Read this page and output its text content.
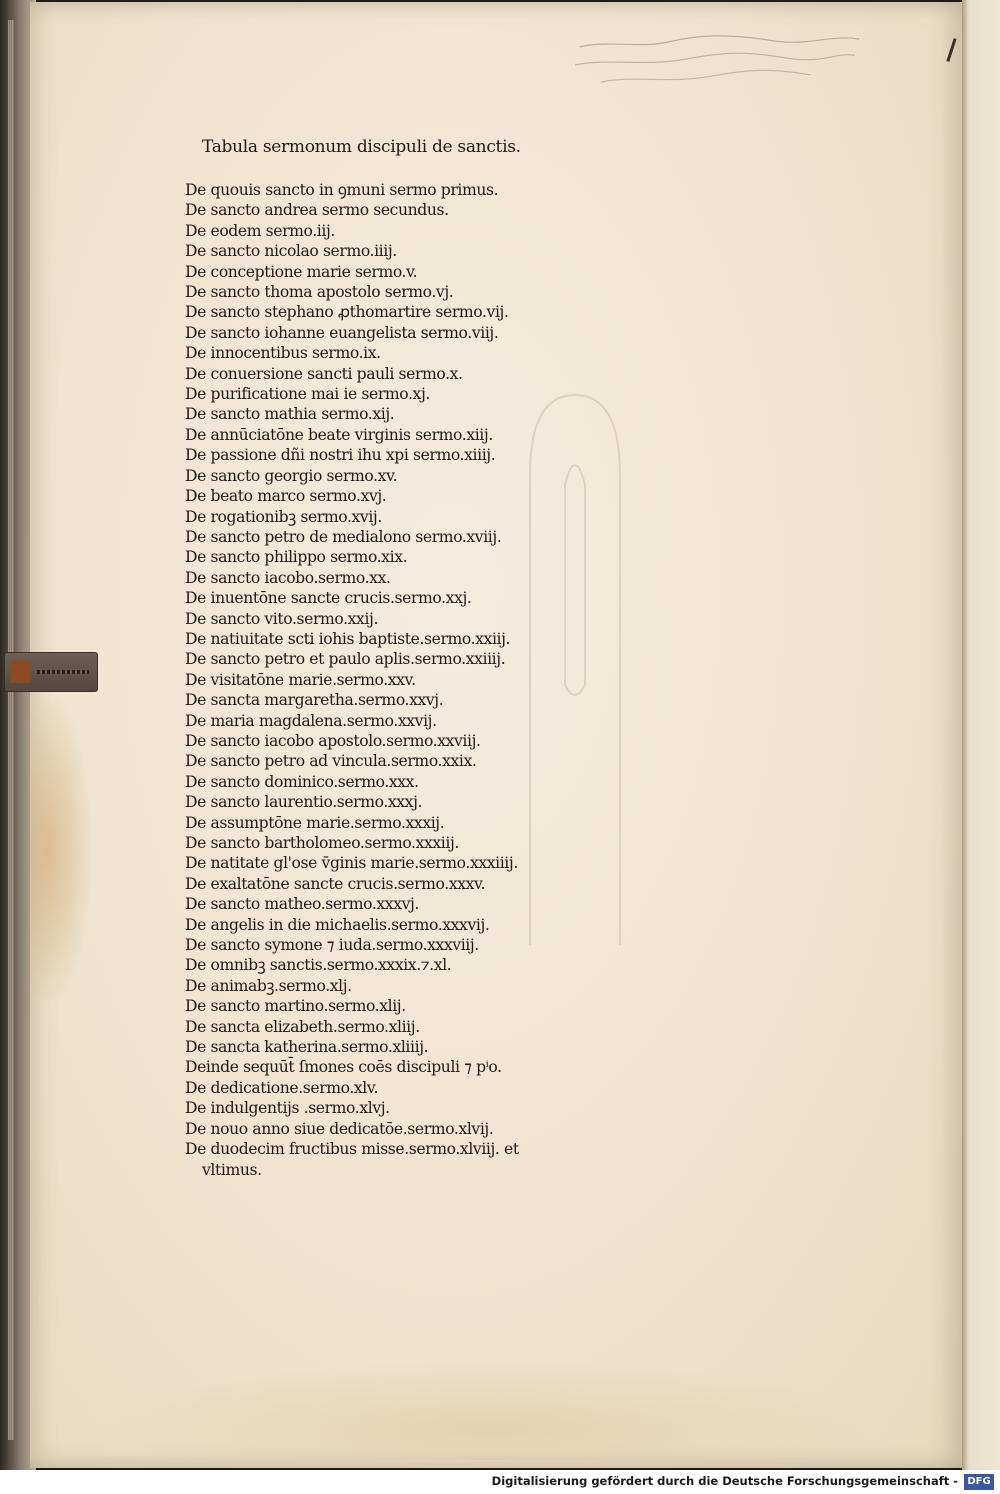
Tabula sermonum discipuli de sanctis.
De quouis sancto in ꝯmuni sermo primus.
De sancto andrea sermo secundus.
De eodem sermo.iij.
De sancto nicolao sermo.iiij.
De conceptione marie sermo.v.
De sancto thoma apostolo sermo.vj.
De sancto stephano ꝓthomartire sermo.vij.
De sancto iohanne euangelista sermo.viij.
De innocentibus sermo.ix.
De conuersione sancti pauli sermo.x.
De purificatione mai ie sermo.xj.
De sancto mathia sermo.xij.
De annūciatōne beate virginis sermo.xiij.
De passione dñi nostri ihu xpi sermo.xiiij.
De sancto georgio sermo.xv.
De beato marco sermo.xvj.
De rogationibꝫ sermo.xvij.
De sancto petro de medialono sermo.xviij.
De sancto philippo sermo.xix.
De sancto iacobo.sermo.xx.
De inuentōne sancte crucis.sermo.xxj.
De sancto vito.sermo.xxij.
De natiuitate scti iohis baptiste.sermo.xxiij.
De sancto petro et paulo aplis.sermo.xxiiij.
De visitatōne marie.sermo.xxv.
De sancta margaretha.sermo.xxvj.
De maria magdalena.sermo.xxvij.
De sancto iacobo apostolo.sermo.xxviij.
De sancto petro ad vincula.sermo.xxix.
De sancto dominico.sermo.xxx.
De sancto laurentio.sermo.xxxj.
De assumptōne marie.sermo.xxxij.
De sancto bartholomeo.sermo.xxxiij.
De natitate gl'ose v̄ginis marie.sermo.xxxiiij.
De exaltatōne sancte crucis.sermo.xxxv.
De sancto matheo.sermo.xxxvj.
De angelis in die michaelis.sermo.xxxvij.
De sancto symone ⁊ iuda.sermo.xxxviij.
De omnibꝫ sanctis.sermo.xxxix.⁊.xl.
De animabꝫ.sermo.xlj.
De sancto martino.sermo.xlij.
De sancta elizabeth.sermo.xliij.
De sancta katherina.sermo.xliiij.
Deinde sequūt̄ ſmones coēs discipuli ⁊ pⁱo.
De dedicatione.sermo.xlv.
De indulgentijs .sermo.xlvj.
De nouo anno siue dedicatōe.sermo.xlvij.
De duodecim fructibus misse.sermo.xlviij. et
vltimus.
Digitalisierung gefördert durch die Deutsche Forschungsgemeinschaft - DFG
